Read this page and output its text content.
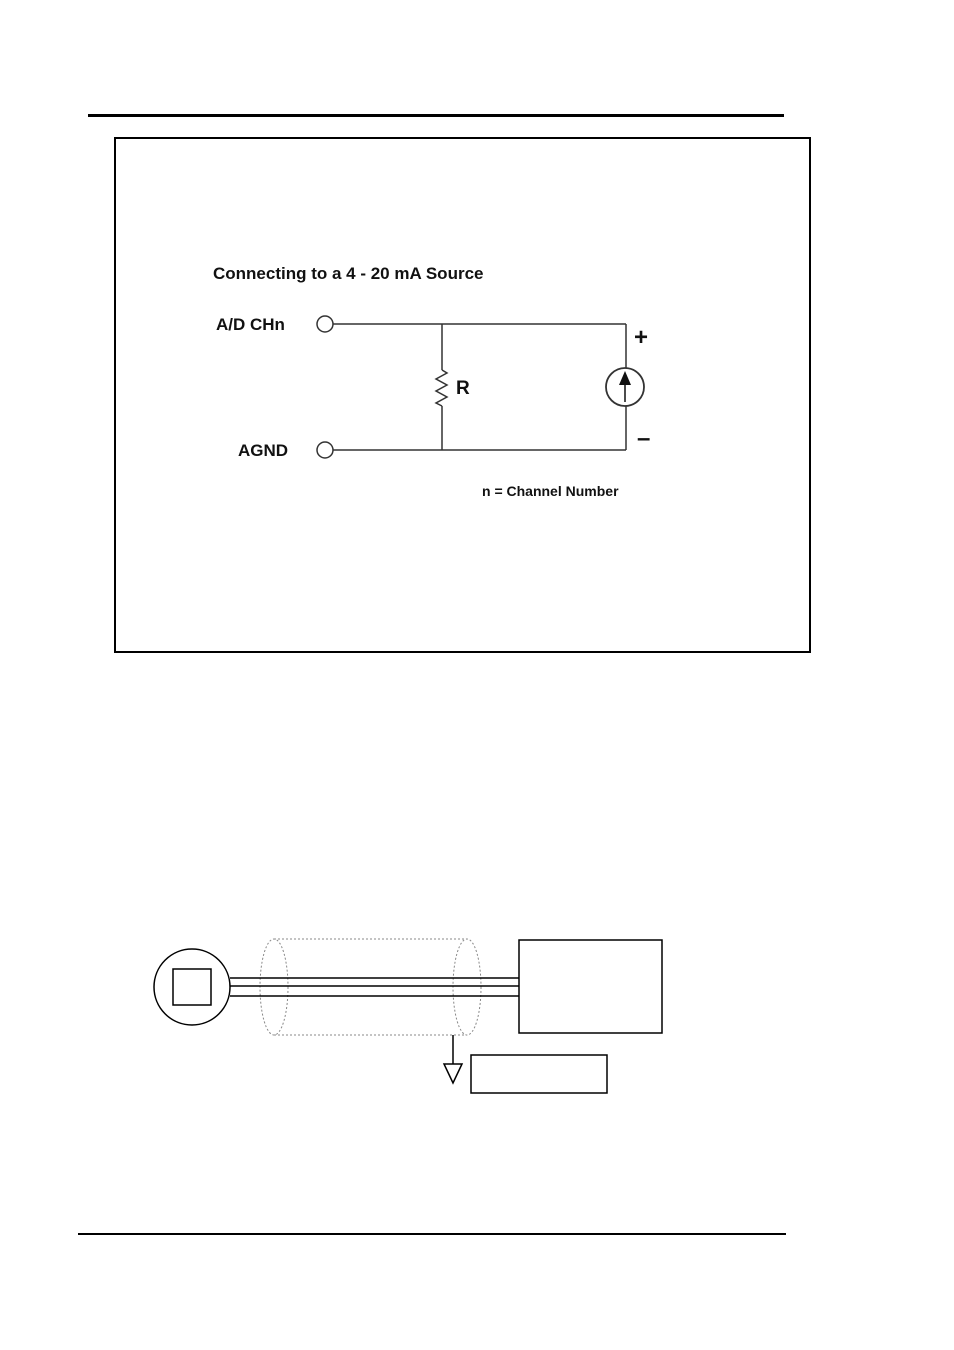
Connecting to a 4 - 20 mA Source
A/D CHn
AGND
R
+
–
n = Channel Number
